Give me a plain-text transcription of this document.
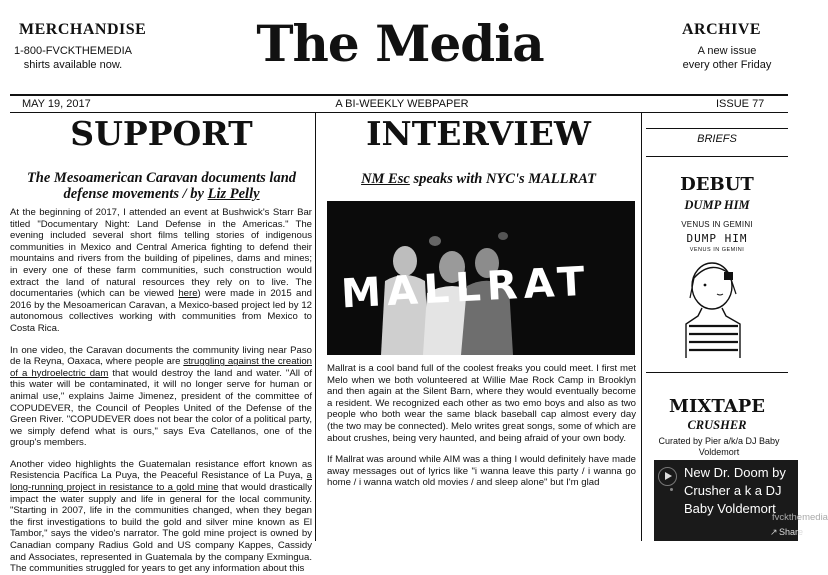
MERCHANDISE
1-800-FVCKTHEMEDIA
shirts available now.	The Media	ARCHIVE
A new issue
every other Friday
MAY 19, 2017	A BI-WEEKLY WEBPAPER	ISSUE 77
SUPPORT
The Mesoamerican Caravan documents land defense movements / by Liz Pelly

At the beginning of 2017, I attended an event at Bushwick's Starr Bar titled "Documentary Night: Land Defense in the Americas." The evening included several short films telling stories of indigenous communities in Mexico and Central America fighting to defend their mountains and rivers from the building of pipelines, dams and mines; in every one of these farm communities, such construction would extract the land of natural resources they rely on to live. The documentaries (which can be viewed here) were made in 2015 and 2016 by the Mesoamerican Caravan, a Mexico-based project led by 12 autonomous collectives working with communities from Mexico to Costa Rica.

In one video, the Caravan documents the community living near Paso de la Reyna, Oaxaca, where people are struggling against the creation of a hydroelectric dam that would destroy the land and water. "All of this water will be contaminated, it will no longer serve for human or animal use," explains Jaime Jimenez, president of the committee of COPUDEVER, the Council of Peoples United of the Defense of the Green River. "COPUDEVER does not bear the color of a political party, we simply defend what is ours," says Eva Catellanos, one of the group's members.

Another video highlights the Guatemalan resistance effort known as Resistencia Pacífica La Puya, the Peaceful Resistance of La Puya, a long-running project in resistance to a gold mine that would drastically impact the water supply and life in general for the local community. "Starting in 2007, life in the communities changed, when they began the first investigations to build the gold and silver mine known as El Tambor," says the video's narrator. The gold mine project is owned by Canadian company Radius Gold and US company Kappes, Cassidy and Associates, represented in Guatemala by the company Exmingua. The communities struggled for years to get any information about this

INTERVIEW
NM Esc speaks with NYC's MALLRAT
MALLRAT

Mallrat is a cool band full of the coolest freaks you could meet. I first met Melo when we both volunteered at Willie Mae Rock Camp in Brooklyn and then again at the Silent Barn, where they would eventually become a resident. We recognized each other as two emo boys and also as two people who both wear the same black baseball cap almost every day (the two may be connected). Melo writes great songs, some of which are about crushes, being very haunted, and being afraid of your own body.

If Mallrat was around while AIM was a thing I would definitely have made away messages out of lyrics like "i wanna leave this party / i wanna go home / i wanna watch old movies / and sleep alone" but I'm glad

BRIEFS
DEBUT
DUMP HIM
VENUS IN GEMINI
DUMP HIM
VENUS IN GEMINI
MIXTAPE
CRUSHER
Curated by Pier a/k/a DJ Baby Voldemort
New Dr. Doom by Crusher a k a DJ Baby Voldemort
fvckthemedia
↗ Share
